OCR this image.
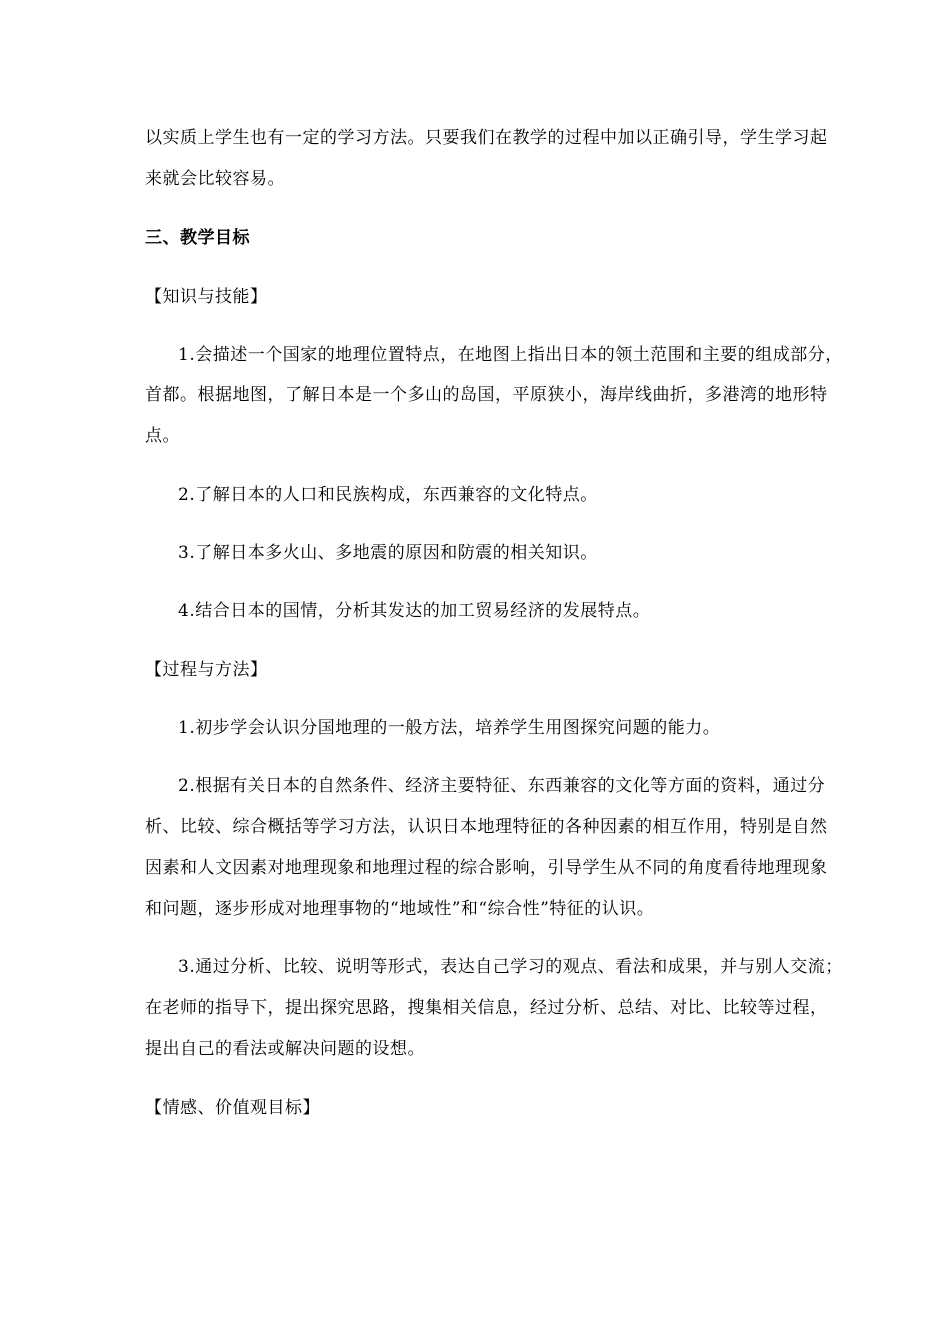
以实质上学生也有一定的学习方法。只要我们在教学的过程中加以正确引导，学生学习起
来就会比较容易。
三、教学目标
【知识与技能】
1.会描述一个国家的地理位置特点，在地图上指出日本的领土范围和主要的组成部分，
首都。根据地图，了解日本是一个多山的岛国，平原狭小，海岸线曲折，多港湾的地形特
点。
2.了解日本的人口和民族构成，东西兼容的文化特点。
3.了解日本多火山、多地震的原因和防震的相关知识。
4.结合日本的国情，分析其发达的加工贸易经济的发展特点。
【过程与方法】
1.初步学会认识分国地理的一般方法，培养学生用图探究问题的能力。
2.根据有关日本的自然条件、经济主要特征、东西兼容的文化等方面的资料，通过分
析、比较、综合概括等学习方法，认识日本地理特征的各种因素的相互作用，特别是自然
因素和人文因素对地理现象和地理过程的综合影响，引导学生从不同的角度看待地理现象
和问题，逐步形成对地理事物的“地域性”和“综合性”特征的认识。
3.通过分析、比较、说明等形式，表达自己学习的观点、看法和成果，并与别人交流；
在老师的指导下，提出探究思路，搜集相关信息，经过分析、总结、对比、比较等过程，
提出自己的看法或解决问题的设想。
【情感、价值观目标】
